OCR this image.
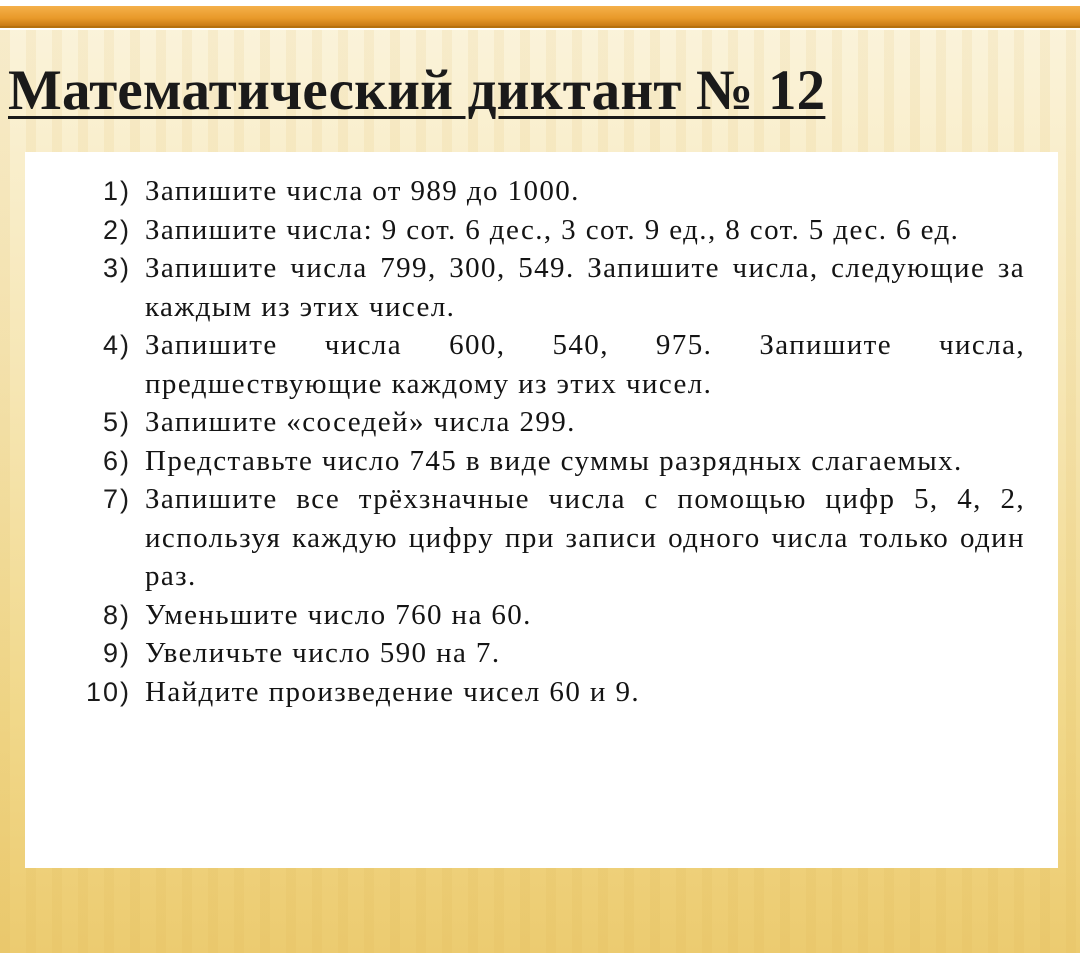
Математический диктант № 12
1) Запишите числа от 989 до 1000.
2) Запишите числа: 9 сот. 6 дес., 3 сот. 9 ед., 8 сот. 5 дес. 6 ед.
3) Запишите числа 799, 300, 549. Запишите числа, следующие за каждым из этих чисел.
4) Запишите числа 600, 540, 975. Запишите числа, предшествующие каждому из этих чисел.
5) Запишите «соседей» числа 299.
6) Представьте число 745 в виде суммы разрядных слагаемых.
7) Запишите все трёхзначные числа с помощью цифр 5, 4, 2, используя каждую цифру при записи одного числа только один раз.
8) Уменьшите число 760 на 60.
9) Увеличьте число 590 на 7.
10) Найдите произведение чисел 60 и 9.
